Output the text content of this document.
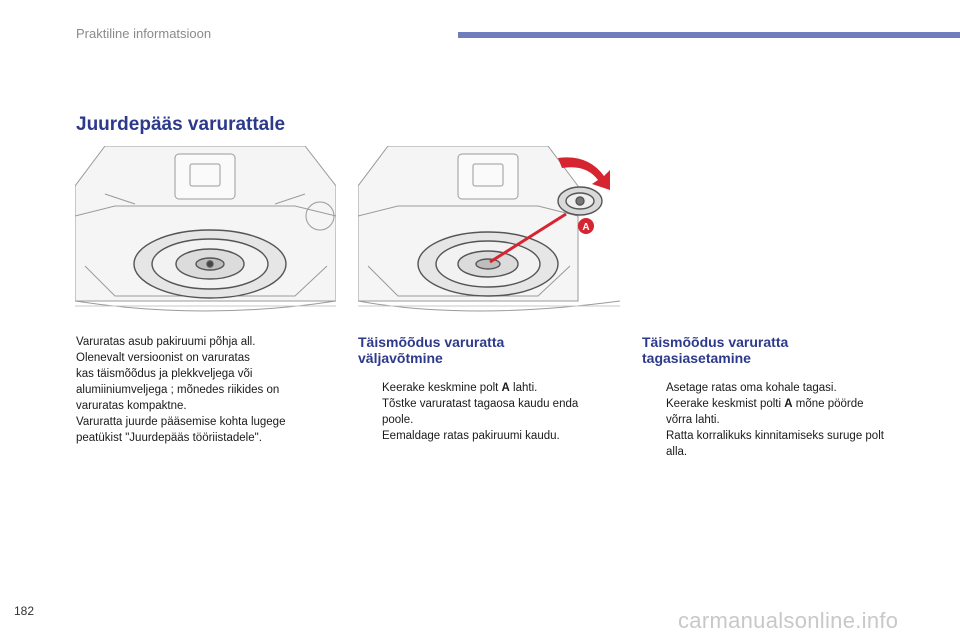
Praktiline informatsioon
Juurdepääs varurattale
A

Varuratas asub pakiruumi põhja all.

Olenevalt versioonist on varuratas

kas täismõõdus ja plekkveljega või

alumiiniumveljega ; mõnedes riikides on

varuratas kompaktne.

Varuratta juurde pääsemise kohta lugege

peatükist "Juurdepääs tööriistadele".

Täismõõdus varuratta
väljavõtmine
Keerake keskmine polt A lahti.
Tõstke varuratast tagaosa kaudu enda poole.
Eemaldage ratas pakiruumi kaudu.
Täismõõdus varuratta
tagasiasetamine
Asetage ratas oma kohale tagasi.
Keerake keskmist polti A mõne pöörde võrra lahti.
Ratta korralikuks kinnitamiseks suruge polt alla.
182	carmanualsonline.info
